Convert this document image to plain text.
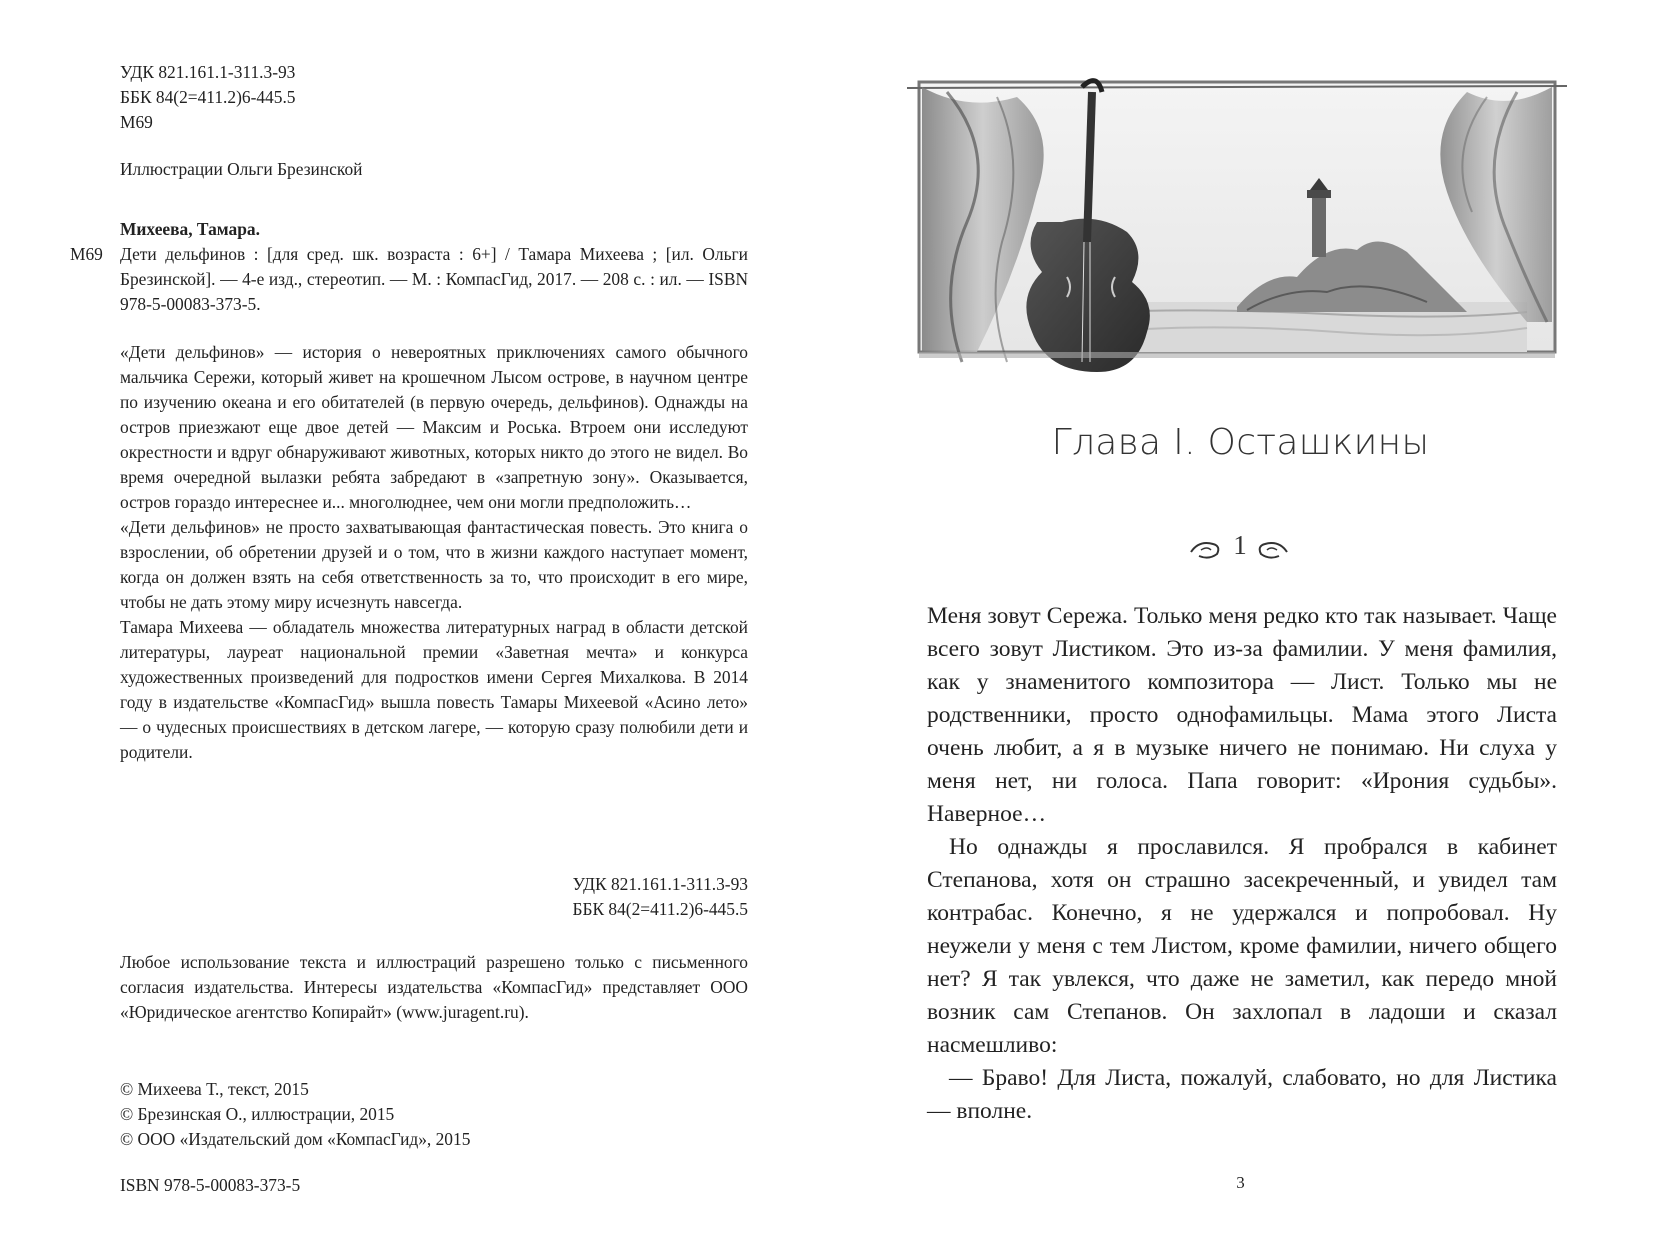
УДК 821.161.1-311.3-93
ББК 84(2=411.2)6-445.5
М69
Иллюстрации Ольги Брезинской
Михеева, Тамара.
М69 Дети дельфинов : [для сред. шк. возраста : 6+] / Тамара Михеева ; [ил. Ольги Брезинской]. — 4-е изд., стереотип. — М. : КомпасГид, 2017. — 208 с. : ил. — ISBN 978-5-00083-373-5.

«Дети дельфинов» — история о невероятных приключениях самого обычного мальчика Сережи, который живет на крошечном Лысом острове, в научном центре по изучению океана и его обитателей (в первую очередь, дельфинов). Однажды на остров приезжают еще двое детей — Максим и Роська. Втроем они исследуют окрестности и вдруг обнаруживают животных, которых никто до этого не видел. Во время очередной вылазки ребята забредают в «запретную зону». Оказывается, остров гораздо интереснее и... многолюднее, чем они могли предположить…

«Дети дельфинов» не просто захватывающая фантастическая повесть. Это книга о взрослении, об обретении друзей и о том, что в жизни каждого наступает момент, когда он должен взять на себя ответственность за то, что происходит в его мире, чтобы не дать этому миру исчезнуть навсегда.

Тамара Михеева — обладатель множества литературных наград в области детской литературы, лауреат национальной премии «Заветная мечта» и конкурса художественных произведений для подростков имени Сергея Михалкова. В 2014 году в издательстве «КомпасГид» вышла повесть Тамары Михеевой «Асино лето» — о чудесных происшествиях в детском лагере, — которую сразу полюбили дети и родители.

УДК 821.161.1-311.3-93
ББК 84(2=411.2)6-445.5
Любое использование текста и иллюстраций разрешено только с письменного согласия издательства. Интересы издательства «КомпасГид» представляет ООО «Юридическое агентство Копирайт» (www.juragent.ru).
© Михеева Т., текст, 2015
© Брезинская О., иллюстрации, 2015
© ООО «Издательский дом «КомпасГид», 2015
ISBN 978-5-00083-373-5
Глава I. Осташкины
1

Меня зовут Сережа. Только меня редко кто так называет. Чаще всего зовут Листиком. Это из-за фамилии. У меня фамилия, как у знаменитого композитора — Лист. Только мы не родственники, просто однофамильцы. Мама этого Листа очень любит, а я в музыке ничего не понимаю. Ни слуха у меня нет, ни голоса. Папа говорит: «Ирония судьбы». Наверное…

Но однажды я прославился. Я пробрался в кабинет Степанова, хотя он страшно засекреченный, и увидел там контрабас. Конечно, я не удержался и попробовал. Ну неужели у меня с тем Листом, кроме фамилии, ничего общего нет? Я так увлекся, что даже не заметил, как передо мной возник сам Степанов. Он захлопал в ладоши и сказал насмешливо:

— Браво! Для Листа, пожалуй, слабовато, но для Листика — вполне.

3
